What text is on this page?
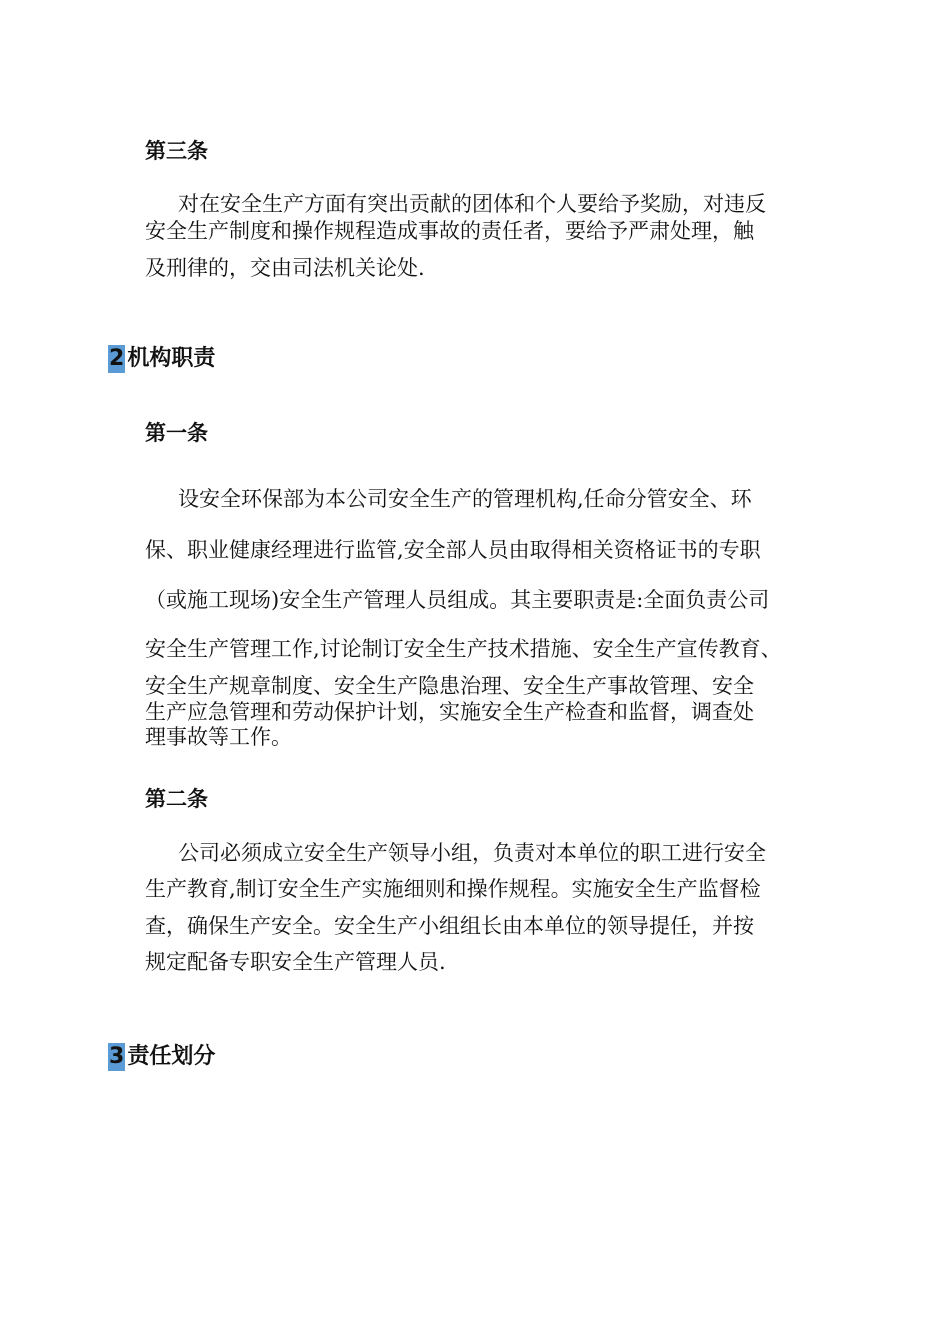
第三条

对在安全生产方面有突出贡献的团体和个人要给予奖励，对违反

安全生产制度和操作规程造成事故的责任者，要给予严肃处理，触

及刑律的，交由司法机关论处.

2 机构职责
第一条

设安全环保部为本公司安全生产的管理机构,任命分管安全、环

保、职业健康经理进行监管,安全部人员由取得相关资格证书的专职

（或施工现场)安全生产管理人员组成。其主要职责是:全面负责公司

安全生产管理工作,讨论制订安全生产技术措施、安全生产宣传教育、

安全生产规章制度、安全生产隐患治理、安全生产事故管理、安全

生产应急管理和劳动保护计划，实施安全生产检查和监督，调查处

理事故等工作。

第二条

公司必须成立安全生产领导小组，负责对本单位的职工进行安全

生产教育,制订安全生产实施细则和操作规程。实施安全生产监督检

查，确保生产安全。安全生产小组组长由本单位的领导提任，并按

规定配备专职安全生产管理人员.

3 责任划分
